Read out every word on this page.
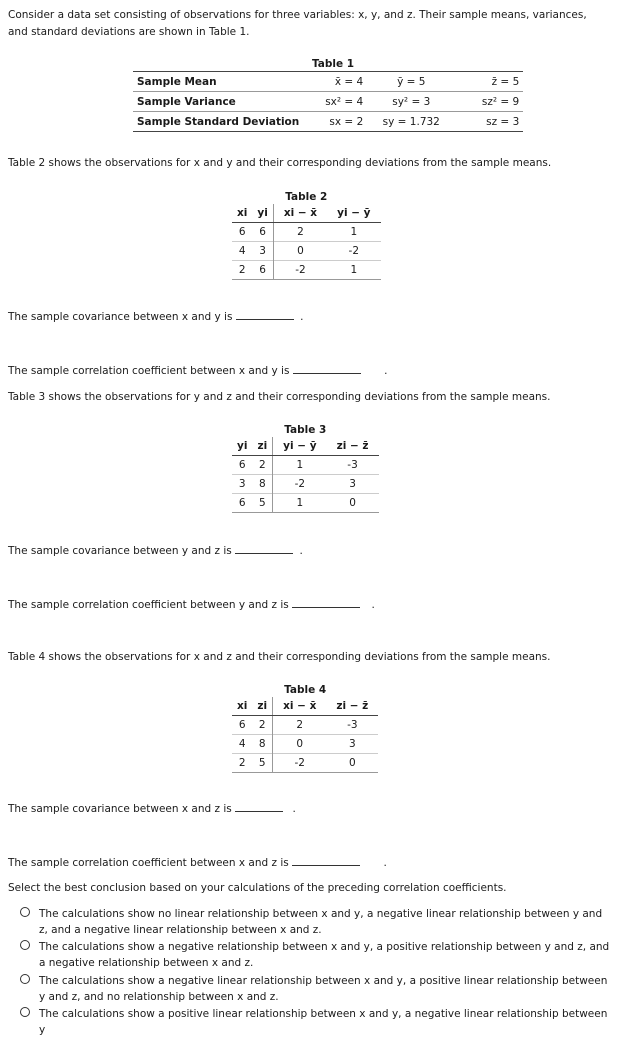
Consider a data set consisting of observations for three variables: x, y, and z. Their sample means, variances, and standard deviations are shown in Table 1.
Table 1
Sample Mean	x̄ = 4	ȳ = 5	z̄ = 5
Sample Variance	sx² = 4	sy² = 3	sz² = 9
Sample Standard Deviation	sx = 2	sy = 1.732	sz = 3
Table 2 shows the observations for x and y and their corresponding deviations from the sample means.
Table 2
xi	yi	xi − x̄	yi − ȳ
6	6	2	1
4	3	0	-2
2	6	-2	1
The sample covariance between x and y is	.
The sample correlation coefficient between x and y is	.
Table 3 shows the observations for y and z and their corresponding deviations from the sample means.
Table 3
yi	zi	yi − ȳ	zi − z̄
6	2	1	-3
3	8	-2	3
6	5	1	0
The sample covariance between y and z is	.
The sample correlation coefficient between y and z is	.
Table 4 shows the observations for x and z and their corresponding deviations from the sample means.
Table 4
xi	zi	xi − x̄	zi − z̄
6	2	2	-3
4	8	0	3
2	5	-2	0
The sample covariance between x and z is	.
The sample correlation coefficient between x and z is	.
Select the best conclusion based on your calculations of the preceding correlation coefficients.
The calculations show no linear relationship between x and y, a negative linear relationship between y and z, and a negative linear relationship between x and z.
The calculations show a negative relationship between x and y, a positive relationship between y and z, and a negative relationship between x and z.
The calculations show a negative linear relationship between x and y, a positive linear relationship between y and z, and no relationship between x and z.
The calculations show a positive linear relationship between x and y, a negative linear relationship between y
